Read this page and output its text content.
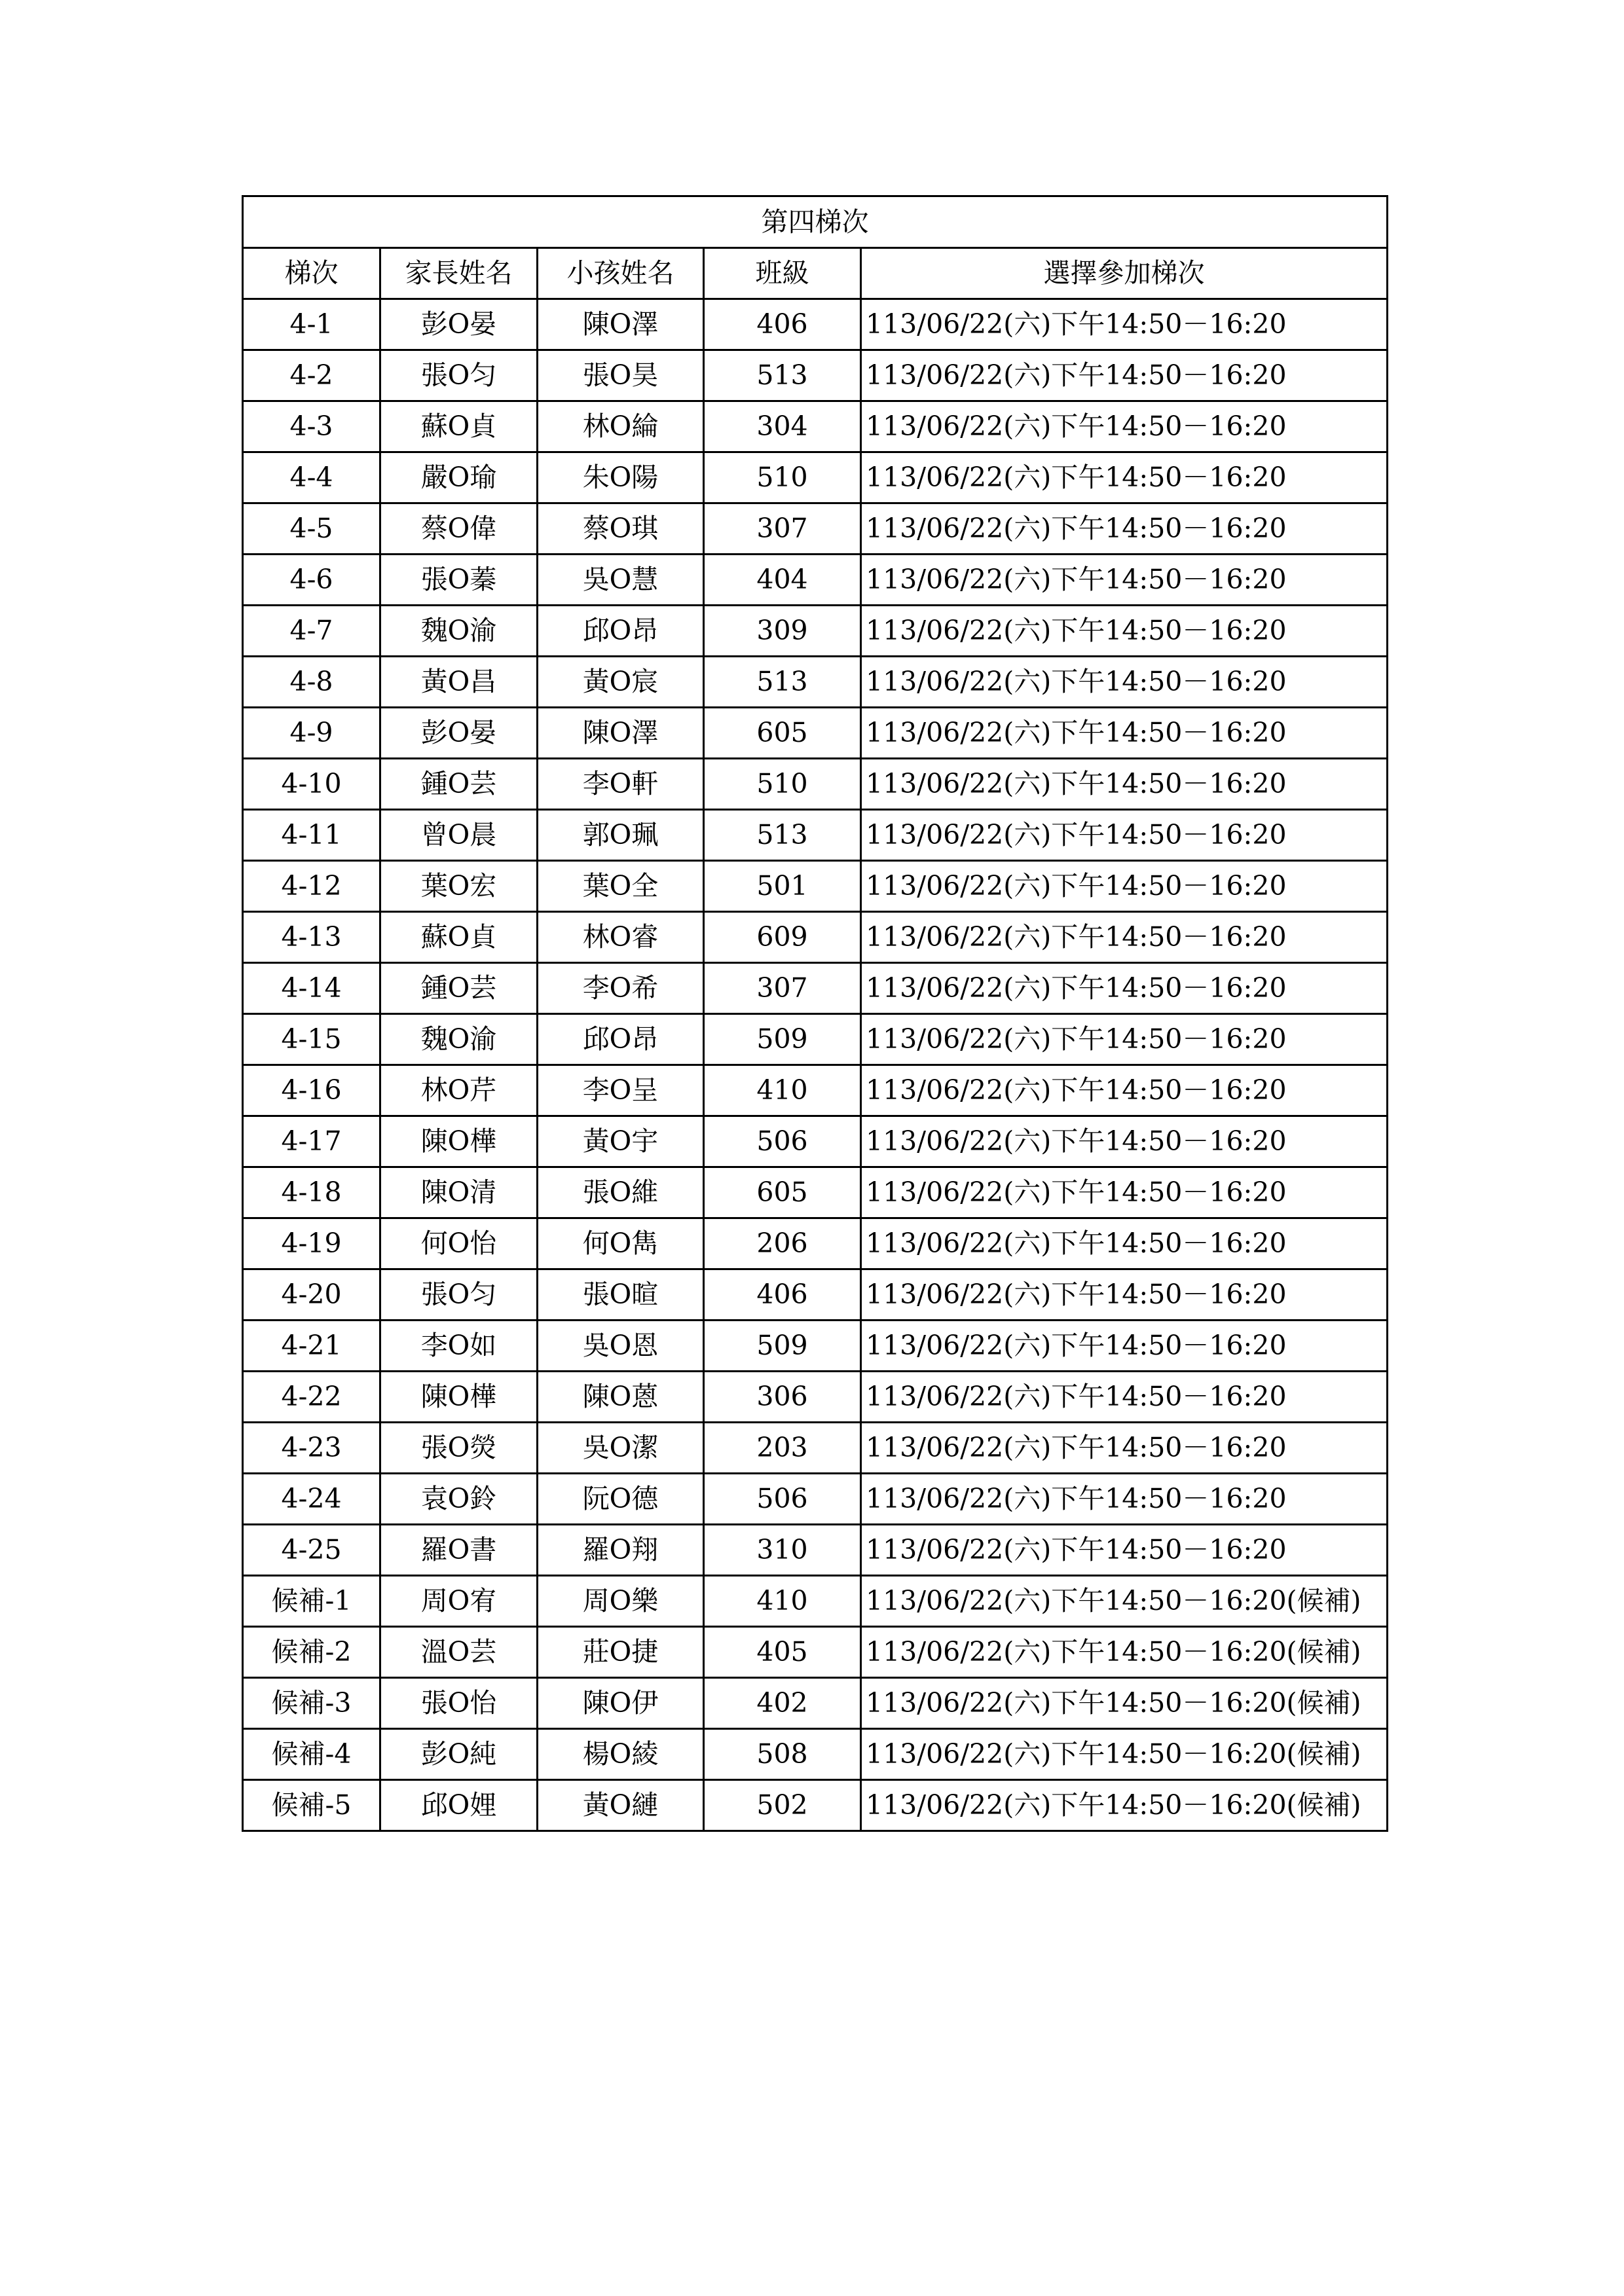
第四梯次				
梯次	家長姓名	小孩姓名	班級	選擇參加梯次
4-1	彭O晏	陳O澤	406	113/06/22(六)下午14:50－16:20
4-2	張O匀	張O昊	513	113/06/22(六)下午14:50－16:20
4-3	蘇O貞	林O綸	304	113/06/22(六)下午14:50－16:20
4-4	嚴O瑜	朱O陽	510	113/06/22(六)下午14:50－16:20
4-5	蔡O偉	蔡O琪	307	113/06/22(六)下午14:50－16:20
4-6	張O蓁	吳O慧	404	113/06/22(六)下午14:50－16:20
4-7	魏O渝	邱O昂	309	113/06/22(六)下午14:50－16:20
4-8	黃O昌	黃O宸	513	113/06/22(六)下午14:50－16:20
4-9	彭O晏	陳O澤	605	113/06/22(六)下午14:50－16:20
4-10	鍾O芸	李O軒	510	113/06/22(六)下午14:50－16:20
4-11	曾O晨	郭O珮	513	113/06/22(六)下午14:50－16:20
4-12	葉O宏	葉O全	501	113/06/22(六)下午14:50－16:20
4-13	蘇O貞	林O睿	609	113/06/22(六)下午14:50－16:20
4-14	鍾O芸	李O希	307	113/06/22(六)下午14:50－16:20
4-15	魏O渝	邱O昂	509	113/06/22(六)下午14:50－16:20
4-16	林O芹	李O呈	410	113/06/22(六)下午14:50－16:20
4-17	陳O樺	黃O宇	506	113/06/22(六)下午14:50－16:20
4-18	陳O清	張O維	605	113/06/22(六)下午14:50－16:20
4-19	何O怡	何O雋	206	113/06/22(六)下午14:50－16:20
4-20	張O匀	張O暄	406	113/06/22(六)下午14:50－16:20
4-21	李O如	吳O恩	509	113/06/22(六)下午14:50－16:20
4-22	陳O樺	陳O蒽	306	113/06/22(六)下午14:50－16:20
4-23	張O熒	吳O潔	203	113/06/22(六)下午14:50－16:20
4-24	袁O鈴	阮O德	506	113/06/22(六)下午14:50－16:20
4-25	羅O書	羅O翔	310	113/06/22(六)下午14:50－16:20
候補-1	周O宥	周O樂	410	113/06/22(六)下午14:50－16:20(候補)
候補-2	溫O芸	莊O捷	405	113/06/22(六)下午14:50－16:20(候補)
候補-3	張O怡	陳O伊	402	113/06/22(六)下午14:50－16:20(候補)
候補-4	彭O純	楊O綾	508	113/06/22(六)下午14:50－16:20(候補)
候補-5	邱O娌	黃O縺	502	113/06/22(六)下午14:50－16:20(候補)
